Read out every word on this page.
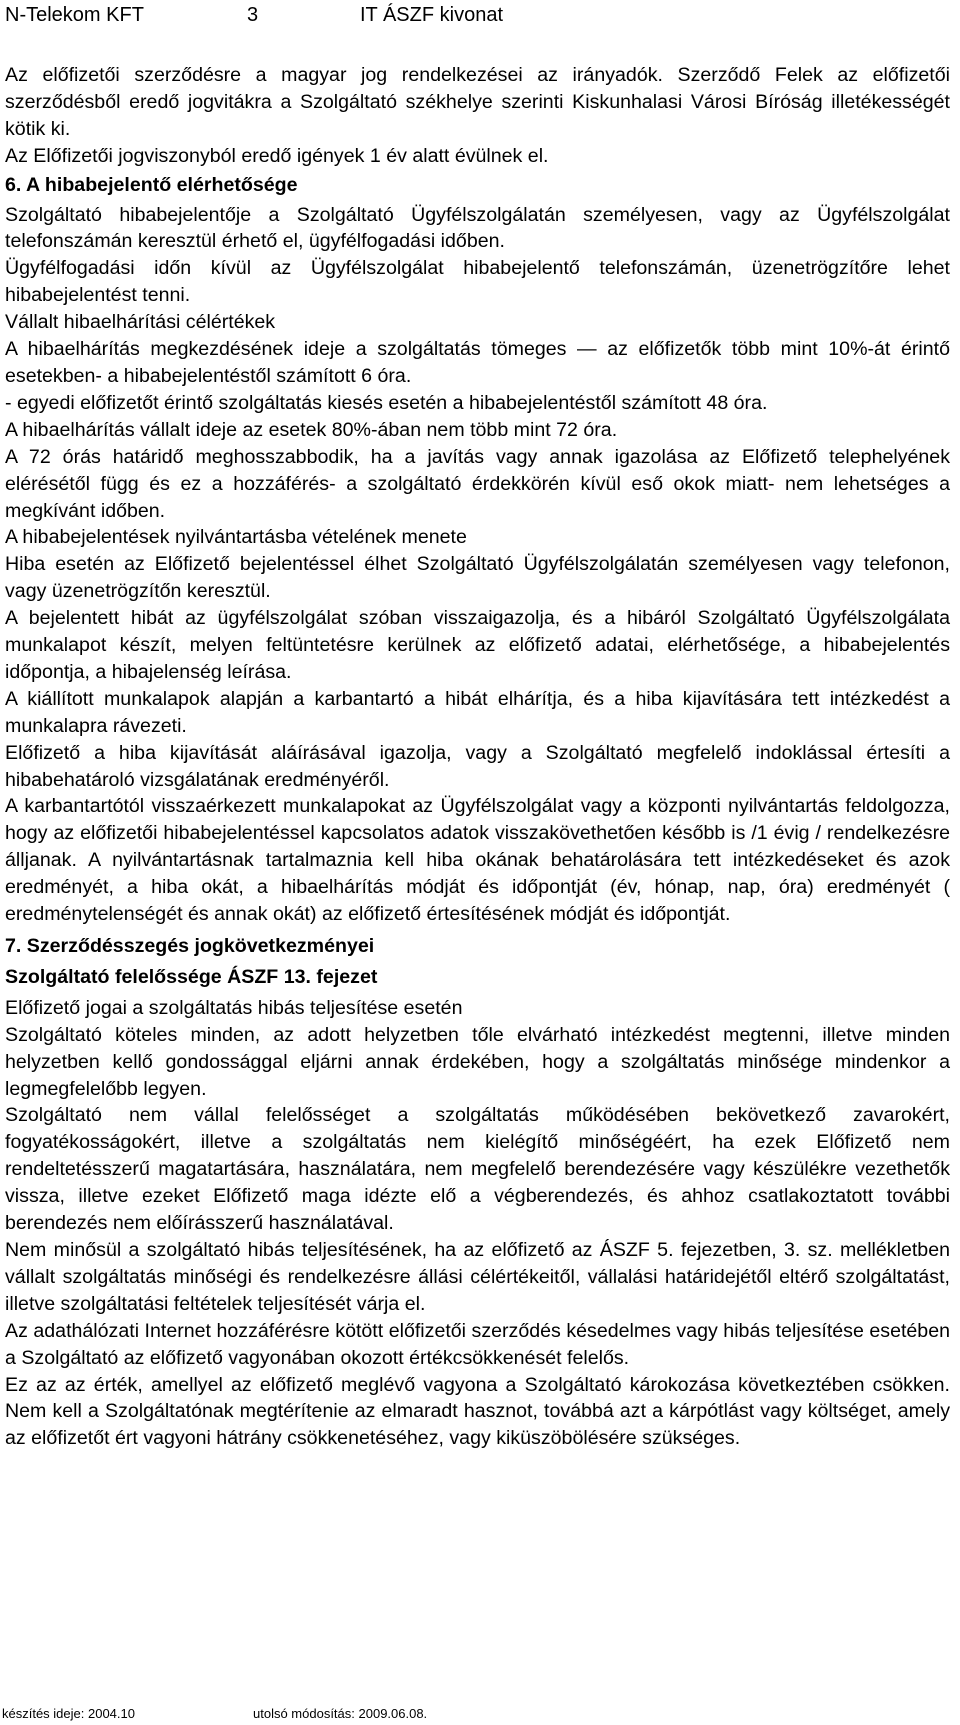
N-Telekom KFT	3	IT ÁSZF kivonat

Az előfizetői szerződésre a magyar jog rendelkezései az irányadók. Szerződő Felek az előfizetői szerződésből eredő jogvitákra a Szolgáltató székhelye szerinti Kiskunhalasi Városi Bíróság illetékességét kötik ki.

Az Előfizetői jogviszonyból eredő igények 1 év alatt évülnek el.

6. A hibabejelentő elérhetősége

Szolgáltató hibabejelentője a Szolgáltató Ügyfélszolgálatán személyesen, vagy az Ügyfélszolgálat telefonszámán keresztül érhető el, ügyfélfogadási időben.

Ügyfélfogadási időn kívül az Ügyfélszolgálat hibabejelentő telefonszámán, üzenetrögzítőre lehet hibabejelentést tenni.

Vállalt hibaelhárítási célértékek

A hibaelhárítás megkezdésének ideje a szolgáltatás tömeges — az előfizetők több mint 10%-át érintő esetekben- a hibabejelentéstől számított 6 óra.

- egyedi előfizetőt érintő szolgáltatás kiesés esetén a hibabejelentéstől számított 48 óra.

A hibaelhárítás vállalt ideje az esetek 80%-ában nem több mint 72 óra.

A 72 órás határidő meghosszabbodik, ha a javítás vagy annak igazolása az Előfizető telephelyének elérésétől függ és ez a hozzáférés- a szolgáltató érdekkörén kívül eső okok miatt- nem lehetséges a megkívánt időben.

A hibabejelentések nyilvántartásba vételének menete

Hiba esetén az Előfizető bejelentéssel élhet Szolgáltató Ügyfélszolgálatán személyesen vagy telefonon, vagy üzenetrögzítőn keresztül.

A bejelentett hibát az ügyfélszolgálat szóban visszaigazolja, és a hibáról Szolgáltató Ügyfélszolgálata munkalapot készít, melyen feltüntetésre kerülnek az előfizető adatai, elérhetősége, a hibabejelentés időpontja, a hibajelenség leírása.

A kiállított munkalapok alapján a karbantartó a hibát elhárítja, és a hiba kijavítására tett intézkedést a munkalapra rávezeti.

Előfizető a hiba kijavítását aláírásával igazolja, vagy a Szolgáltató megfelelő indoklással értesíti a hibabehatároló vizsgálatának eredményéről.

A karbantartótól visszaérkezett munkalapokat az Ügyfélszolgálat vagy a központi nyilvántartás feldolgozza, hogy az előfizetői hibabejelentéssel kapcsolatos adatok visszakövethetően később is /1 évig / rendelkezésre álljanak. A nyilvántartásnak tartalmaznia kell hiba okának behatárolására tett intézkedéseket és azok eredményét, a hiba okát, a hibaelhárítás módját és időpontját (év, hónap, nap, óra) eredményét ( eredménytelenségét és annak okát) az előfizető értesítésének módját és időpontját.

7. Szerződésszegés jogkövetkezményei

Szolgáltató felelőssége ÁSZF 13. fejezet

Előfizető jogai a szolgáltatás hibás teljesítése esetén

Szolgáltató köteles minden, az adott helyzetben tőle elvárható intézkedést megtenni, illetve minden helyzetben kellő gondossággal eljárni annak érdekében, hogy a szolgáltatás minősége mindenkor a legmegfelelőbb legyen.

Szolgáltató nem vállal felelősséget a szolgáltatás működésében bekövetkező zavarokért, fogyatékosságokért, illetve a szolgáltatás nem kielégítő minőségéért, ha ezek Előfizető nem rendeltetésszerű magatartására, használatára, nem megfelelő berendezésére vagy készülékre vezethetők vissza, illetve ezeket Előfizető maga idézte elő a végberendezés, és ahhoz csatlakoztatott további berendezés nem előírásszerű használatával.

Nem minősül a szolgáltató hibás teljesítésének, ha az előfizető az ÁSZF 5. fejezetben, 3. sz. mellékletben vállalt szolgáltatás minőségi és rendelkezésre állási célértékeitől, vállalási határidejétől eltérő szolgáltatást, illetve szolgáltatási feltételek teljesítését várja el.

Az adathálózati Internet hozzáférésre kötött előfizetői szerződés késedelmes vagy hibás teljesítése esetében a Szolgáltató az előfizető vagyonában okozott értékcsökkenését felelős.

Ez az az érték, amellyel az előfizető meglévő vagyona a Szolgáltató károkozása következtében csökken. Nem kell a Szolgáltatónak megtérítenie az elmaradt hasznot, továbbá azt a kárpótlást vagy költséget, amely az előfizetőt ért vagyoni hátrány csökkenetéséhez, vagy kiküszöbölésére szükséges.

készítés ideje: 2004.10	utolsó módosítás: 2009.06.08.
